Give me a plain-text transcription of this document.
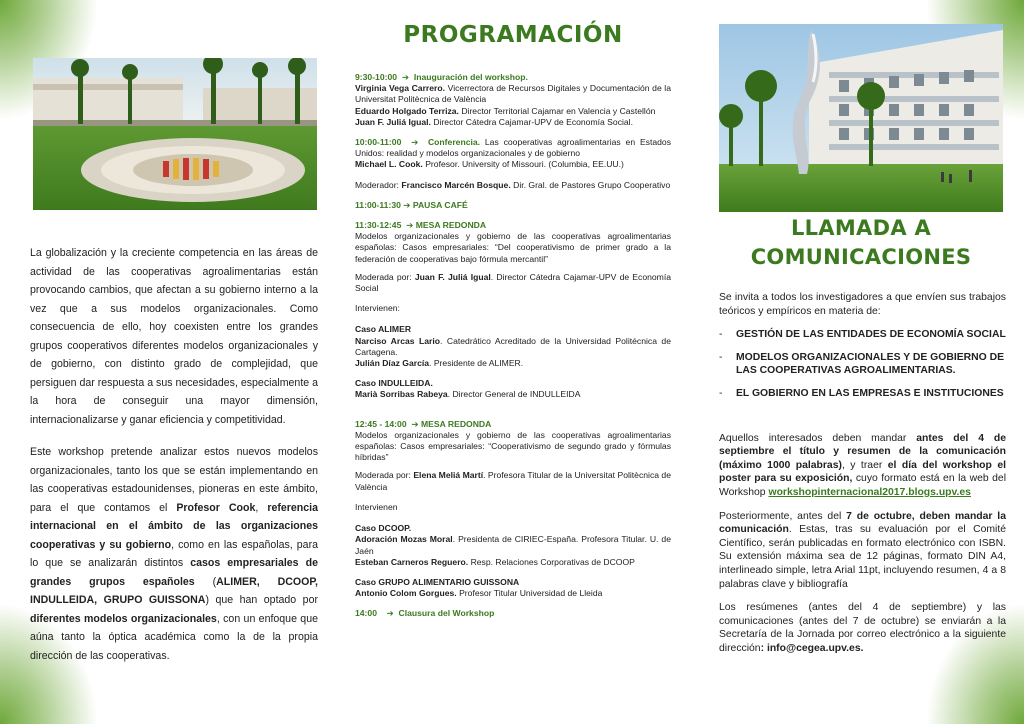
La globalización y la creciente competencia en las áreas de actividad de las cooperativas agroalimentarias están provocando cambios, que afectan a su gobierno interno a la vez que a sus modelos organizacionales. Como consecuencia de ello, hoy coexisten entre los grandes grupos cooperativos diferentes modelos organizacionales y de gobierno, con distinto grado de complejidad, que persiguen dar respuesta a sus necesidades, especialmente a la hora de conseguir una mayor dimensión, internacionalizarse y ganar eficiencia y competitividad.

Este workshop pretende analizar estos nuevos modelos organizacionales, tanto los que se están implementando en las cooperativas estadounidenses, pioneras en este ámbito, para el que contamos el Profesor Cook, referencia internacional en el ámbito de las organizaciones cooperativas y su gobierno, como en las españolas, para lo que se analizarán distintos casos empresariales de grandes grupos españoles (ALIMER, DCOOP, INDULLEIDA, GRUPO GUISSONA) que han optado por diferentes modelos organizacionales, con un enfoque que aúna tanto la óptica académica como la de la propia dirección de las cooperativas.

PROGRAMACIÓN
9:30-10:00 ➔ Inauguración del workshop.
Virginia Vega Carrero. Vicerrectora de Recursos Digitales y Documentación de la Universitat Politècnica de València
Eduardo Holgado Terriza. Director Territorial Cajamar en Valencia y Castellón
Juan F. Juliá Igual. Director Cátedra Cajamar-UPV de Economía Social.
10:00-11:00 ➔ Conferencia. Las cooperativas agroalimentarias en Estados Unidos: realidad y modelos organizacionales y de gobierno
Michael L. Cook. Profesor. University of Missouri. (Columbia, EE.UU.)
Moderador: Francisco Marcén Bosque. Dir. Gral. de Pastores Grupo Cooperativo
11:00-11:30 ➔ PAUSA CAFÉ
11:30-12:45 ➔ MESA REDONDA
Modelos organizacionales y gobierno de las cooperativas agroalimentarias españolas: Casos empresariales: “Del cooperativismo de primer grado a la federación de cooperativas bajo fórmula mercantil”
Moderada por: Juan F. Juliá Igual. Director Cátedra Cajamar-UPV de Economía Social
Intervienen:
Caso ALIMER
Narciso Arcas Lario. Catedrático Acreditado de la Universidad Politécnica de Cartagena.
Julián Díaz García. Presidente de ALIMER.
Caso INDULLEIDA.
Marià Sorribas Rabeya. Director General de INDULLEIDA
12:45 - 14:00 ➔ MESA REDONDA
Modelos organizacionales y gobierno de las cooperativas agroalimentarias españolas: Casos empresariales: “Cooperativismo de segundo grado y fórmulas híbridas”
Moderada por: Elena Meliá Martí. Profesora Titular de la Universitat Politècnica de València
Intervienen
Caso DCOOP.
Adoración Mozas Moral. Presidenta de CIRIEC-España. Profesora Titular. U. de Jaén
Esteban Carneros Reguero. Resp. Relaciones Corporativas de DCOOP
Caso GRUPO ALIMENTARIO GUISSONA
Antonio Colom Gorgues. Profesor Titular Universidad de Lleida
14:00 ➔ Clausura del Workshop
LLAMADA A
COMUNICACIONES

Se invita a todos los investigadores a que envíen sus trabajos teóricos y empíricos en materia de:

- GESTIÓN DE LAS ENTIDADES DE ECONOMÍA SOCIAL
- MODELOS ORGANIZACIONALES Y DE GOBIERNO DE LAS COOPERATIVAS AGROALIMENTARIAS.
- EL GOBIERNO EN LAS EMPRESAS E INSTITUCIONES

Aquellos interesados deben mandar antes del 4 de septiembre el título y resumen de la comunicación (máximo 1000 palabras), y traer el día del workshop el poster para su exposición, cuyo formato está en la web del Workshop workshopinternacional2017.blogs.upv.es

Posteriormente, antes del 7 de octubre, deben mandar la comunicación. Estas, tras su evaluación por el Comité Científico, serán publicadas en formato electrónico con ISBN. Su extensión máxima sea de 12 páginas, formato DIN A4, interlineado simple, letra Arial 11pt, incluyendo resumen, 4 a 8 palabras clave y bibliografía

Los resúmenes (antes del 4 de septiembre) y las comunicaciones (antes del 7 de octubre) se enviarán a la Secretaría de la Jornada por correo electrónico a la siguiente dirección: info@cegea.upv.es.
